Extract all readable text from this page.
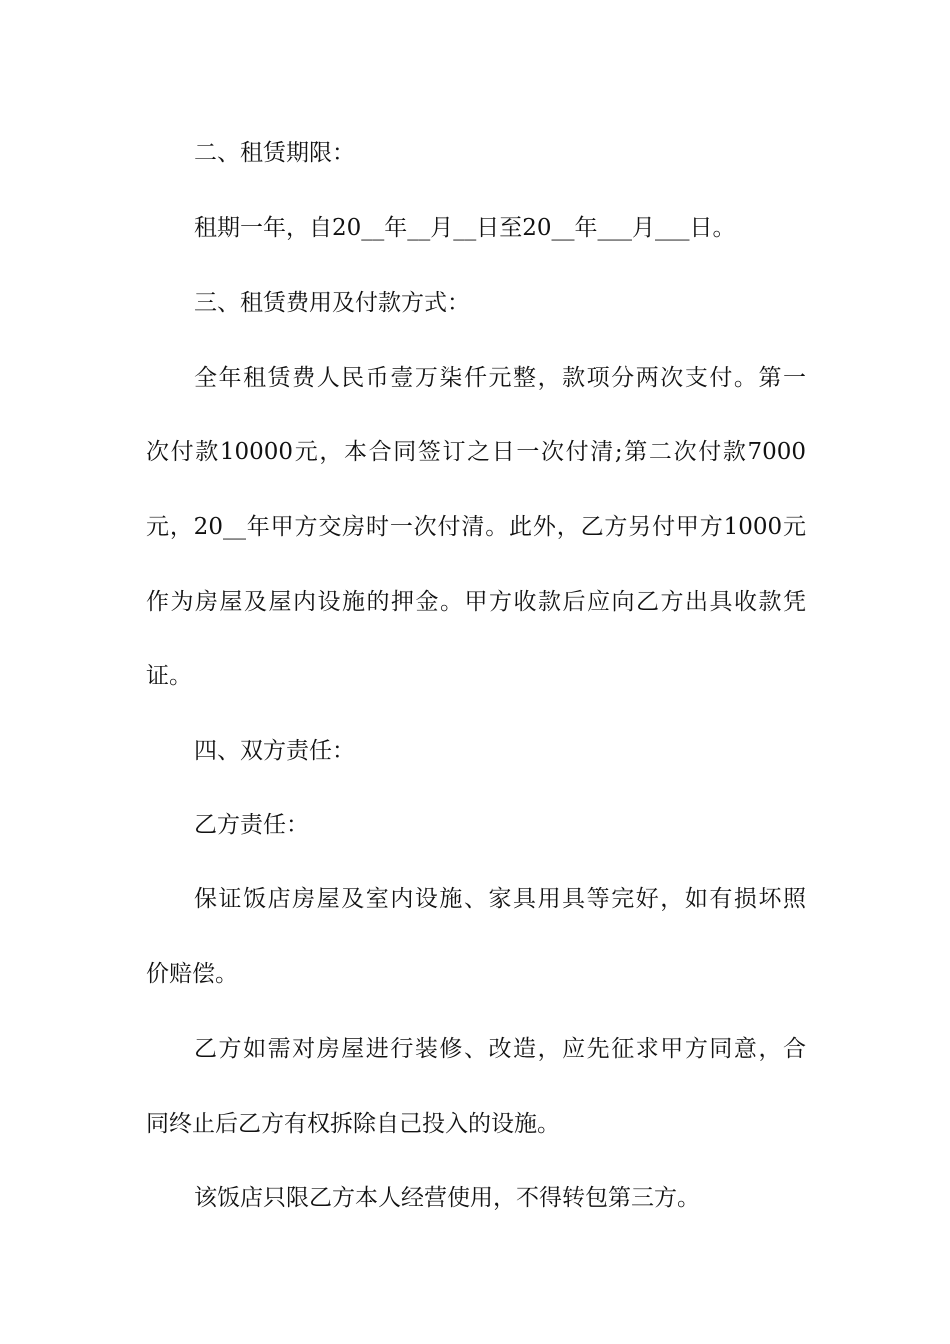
二、租赁期限：
租期一年，自20__年__月__日至20__年___月___日。
三、租赁费用及付款方式：
全年租赁费人民币壹万柒仟元整，款项分两次支付。第一
次付款10000元，本合同签订之日一次付清;第二次付款7000
元，20__年甲方交房时一次付清。此外，乙方另付甲方1000元
作为房屋及屋内设施的押金。甲方收款后应向乙方出具收款凭
证。
四、双方责任：
乙方责任：
保证饭店房屋及室内设施、家具用具等完好，如有损坏照
价赔偿。
乙方如需对房屋进行装修、改造，应先征求甲方同意，合
同终止后乙方有权拆除自己投入的设施。
该饭店只限乙方本人经营使用，不得转包第三方。
